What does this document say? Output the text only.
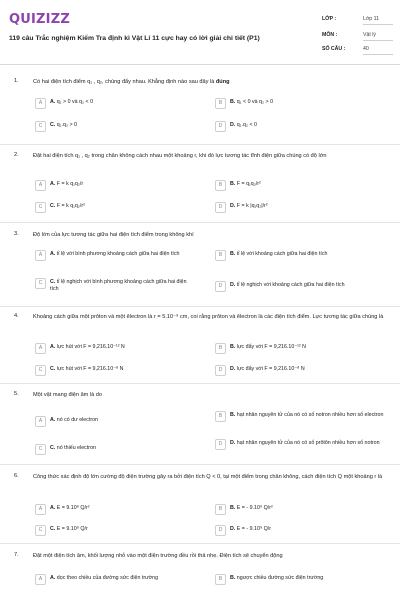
QUIZIZZ
119 câu Trắc nghiệm Kiểm Tra định kì Vật Lí 11 cực hay có lời giải chi tiết (P1)
LỚP :	Lớp 11
MÔN :	Vật lý
SỐ CÂU :	40
1.	Có hai điện tích điểm q₁ , q₂, chúng đẩy nhau. Khẳng định nào sau đây là đúng
A	A. q₁ > 0 và q₂ < 0	B	B. q₁ < 0 và q₂ > 0
C	C. q₁.q₂ > 0	D	D. q₁.q₂ < 0
2.	Đặt hai điện tích q₁ , q₂ trong chân không cách nhau một khoảng r, khi đó lực tương tác tĩnh điện giữa chúng có độ lớn
A	A. F = k q₁q₂/r	B	B. F = q₁q₂/r²
C	C. F = k q₁q₂/r²	D	D. F = k |q₁q₂|/r²
3.	Độ lớn của lực tương tác giữa hai điện tích điểm trong không khí
A	A. tỉ lệ với bình phương khoảng cách giữa hai điện tích	B	B. tỉ lệ với khoảng cách giữa hai điện tích
C	C. tỉ lệ nghịch với bình phương khoảng cách giữa hai điện tích	D	D. tỉ lệ nghịch với khoảng cách giữa hai điện tích
4.	Khoảng cách giữa một prôton và một êlectron là r = 5.10⁻⁹ cm, coi rằng prôton và êlectron là các điện tích điểm. Lực tương tác giữa chúng là
A	A. lực hút với F = 9,216.10⁻¹² N	B	B. lực đẩy với F = 9,216.10⁻¹² N
C	C. lực hút với F = 9,216.10⁻⁸ N	D	D. lực đẩy với F = 9,216.10⁻⁸ N
5.	Một vật mang điện âm là do
A	A. nó có dư electron
B	B. hạt nhân nguyên tử của nó có số notron nhiều hơn số electron
C	C. nó thiếu electron
D	D. hạt nhân nguyên tử của nó có số prôtôn nhiều hơn số notron
6.	Công thức xác định độ lớn cường độ điện trường gây ra bởi điện tích Q < 0, tại một điểm trong chân không, cách điện tích Q một khoảng r là
A	A. E = 9.10⁹ Q/r²	B	B. E = - 9.10⁹ Q/r²
C	C. E = 9.10⁹ Q/r	D	D. E = - 9.10⁹ Q/r
7.	Đặt một điện tích âm, khối lượng nhỏ vào một điện trường đều rồi thả nhẹ. Điện tích sẽ chuyển động
A	A. dọc theo chiều của đường sức điện trường	B	B. ngược chiều đường sức điện trường
